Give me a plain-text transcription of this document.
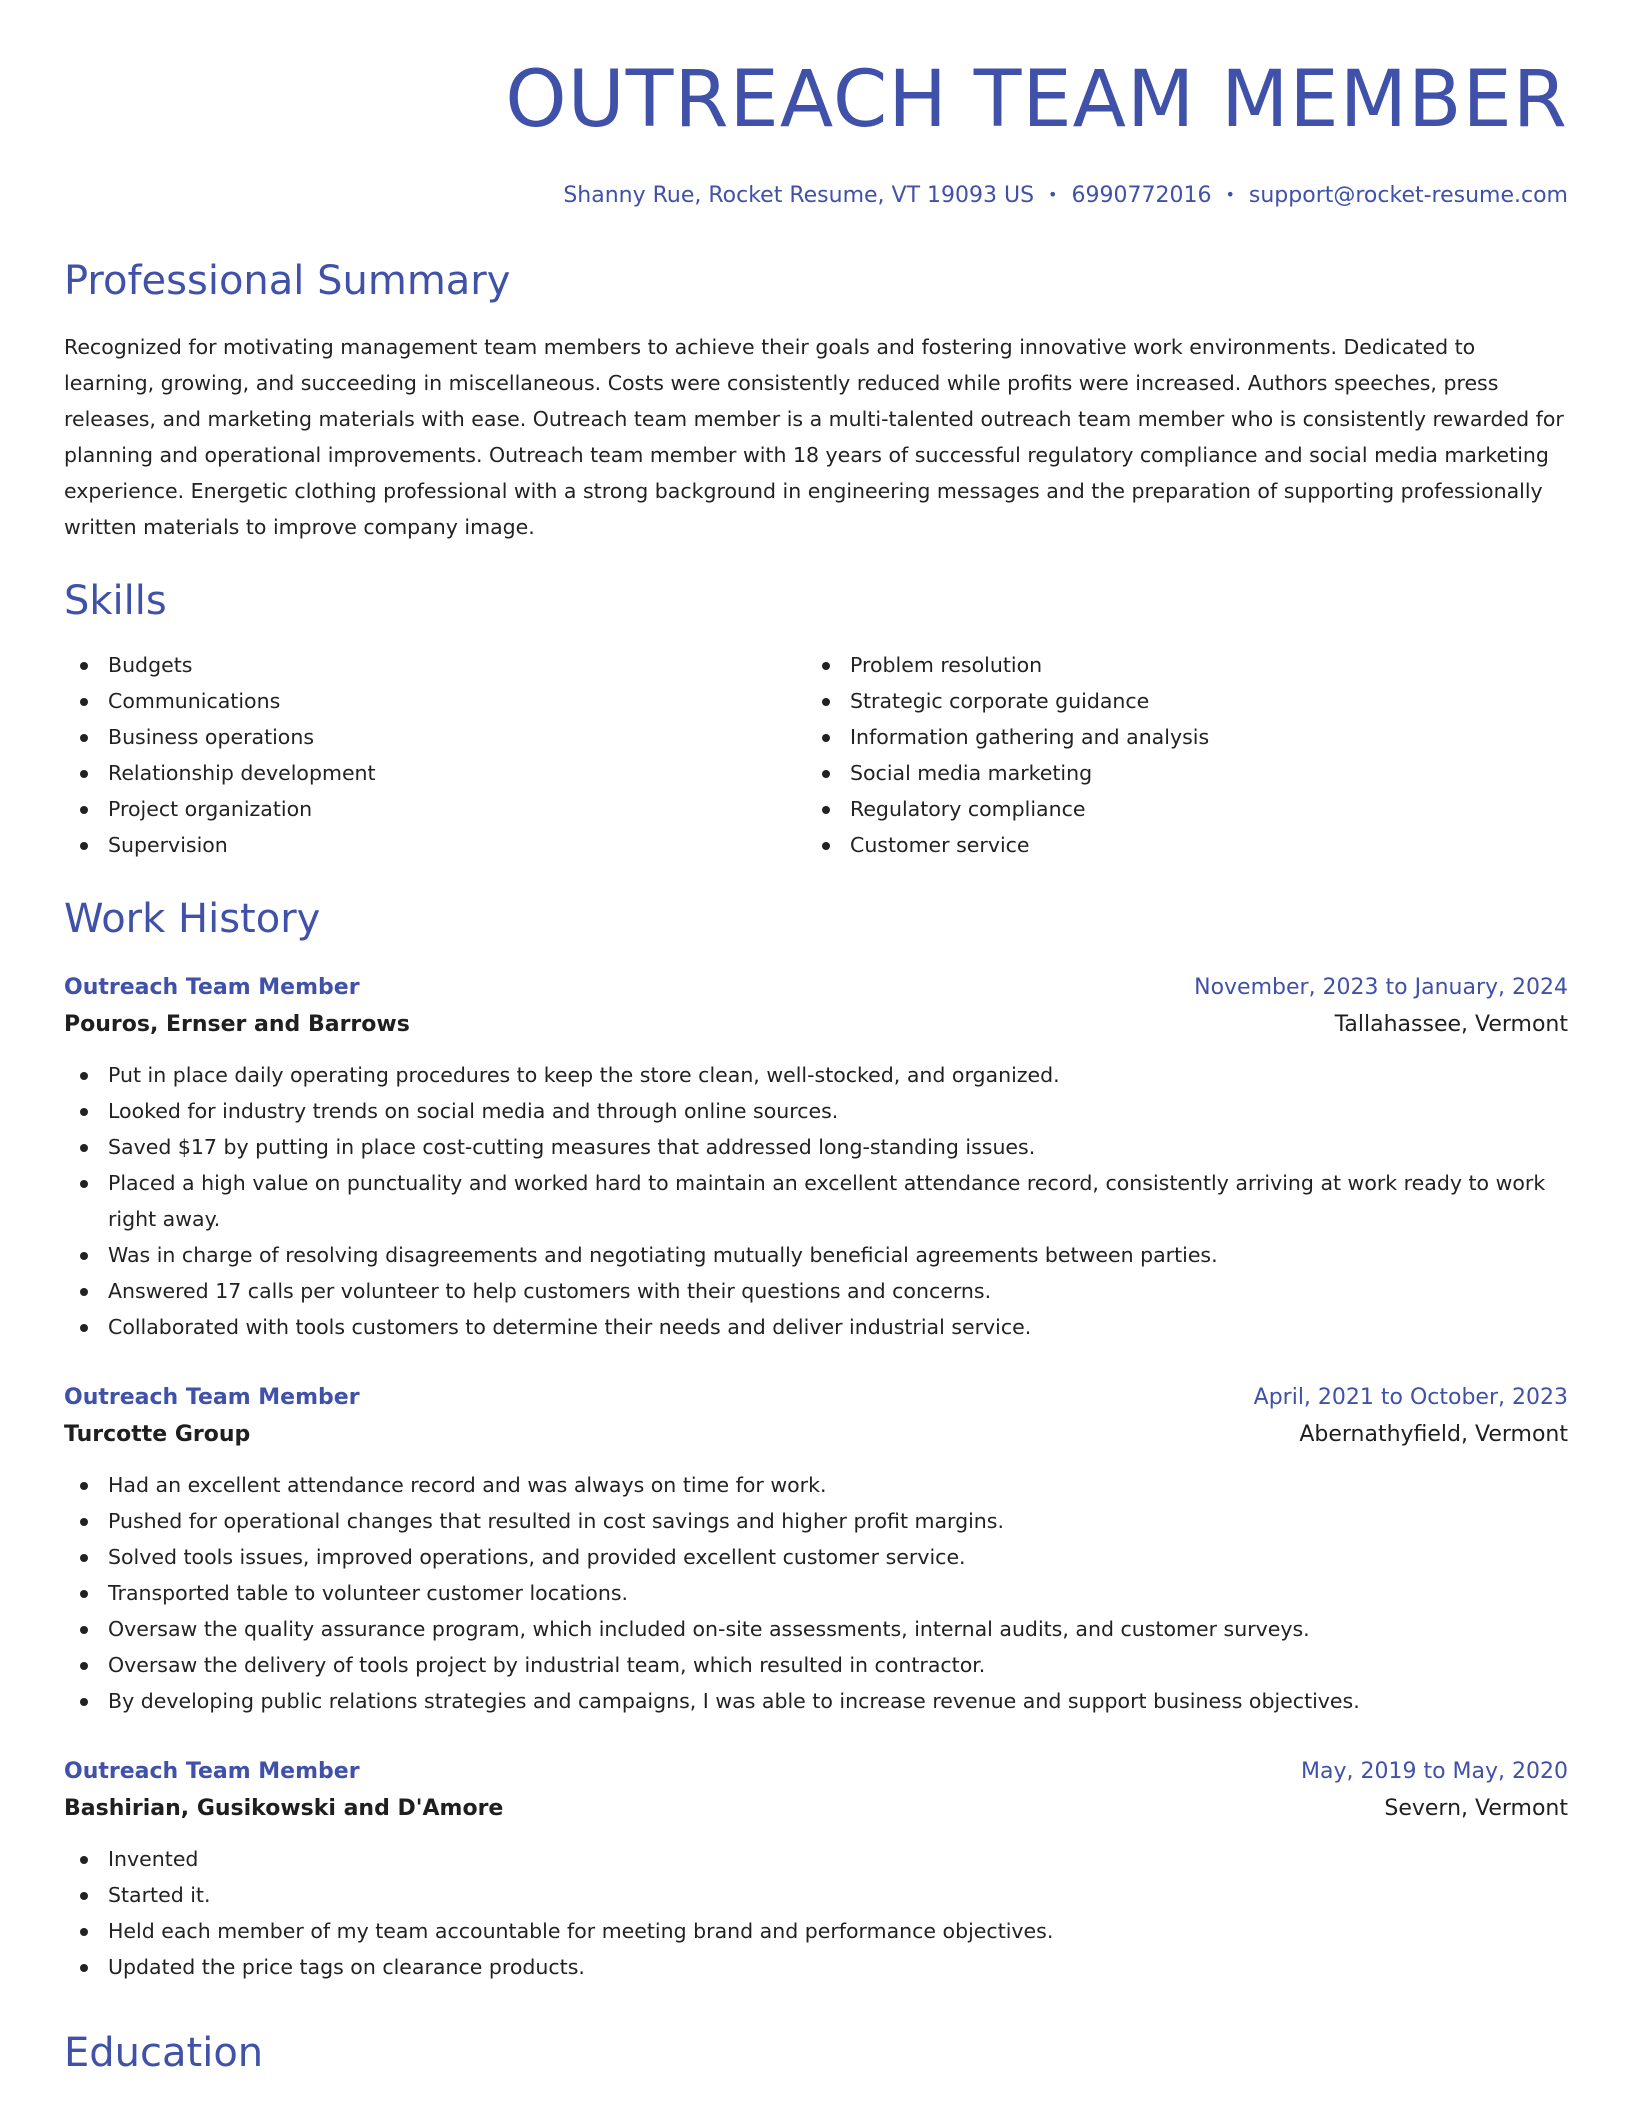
OUTREACH TEAM MEMBER
Shanny Rue, Rocket Resume, VT 19093 US • 6990772016 • support@rocket-resume.com
Professional Summary

Recognized for motivating management team members to achieve their goals and fostering innovative work environments. Dedicated to learning, growing, and succeeding in miscellaneous. Costs were consistently reduced while profits were increased. Authors speeches, press releases, and marketing materials with ease. Outreach team member is a multi-talented outreach team member who is consistently rewarded for planning and operational improvements. Outreach team member with 18 years of successful regulatory compliance and social media marketing experience. Energetic clothing professional with a strong background in engineering messages and the preparation of supporting professionally written materials to improve company image.

Skills
Budgets
Communications
Business operations
Relationship development
Project organization
Supervision
Problem resolution
Strategic corporate guidance
Information gathering and analysis
Social media marketing
Regulatory compliance
Customer service
Work History
Outreach Team Member	November, 2023 to January, 2024
Pouros, Ernser and Barrows	Tallahassee, Vermont
Put in place daily operating procedures to keep the store clean, well-stocked, and organized.
Looked for industry trends on social media and through online sources.
Saved $17 by putting in place cost-cutting measures that addressed long-standing issues.
Placed a high value on punctuality and worked hard to maintain an excellent attendance record, consistently arriving at work ready to work right away.
Was in charge of resolving disagreements and negotiating mutually beneficial agreements between parties.
Answered 17 calls per volunteer to help customers with their questions and concerns.
Collaborated with tools customers to determine their needs and deliver industrial service.
Outreach Team Member	April, 2021 to October, 2023
Turcotte Group	Abernathyfield, Vermont
Had an excellent attendance record and was always on time for work.
Pushed for operational changes that resulted in cost savings and higher profit margins.
Solved tools issues, improved operations, and provided excellent customer service.
Transported table to volunteer customer locations.
Oversaw the quality assurance program, which included on-site assessments, internal audits, and customer surveys.
Oversaw the delivery of tools project by industrial team, which resulted in contractor.
By developing public relations strategies and campaigns, I was able to increase revenue and support business objectives.
Outreach Team Member	May, 2019 to May, 2020
Bashirian, Gusikowski and D'Amore	Severn, Vermont
Invented
Started it.
Held each member of my team accountable for meeting brand and performance objectives.
Updated the price tags on clearance products.
Education
